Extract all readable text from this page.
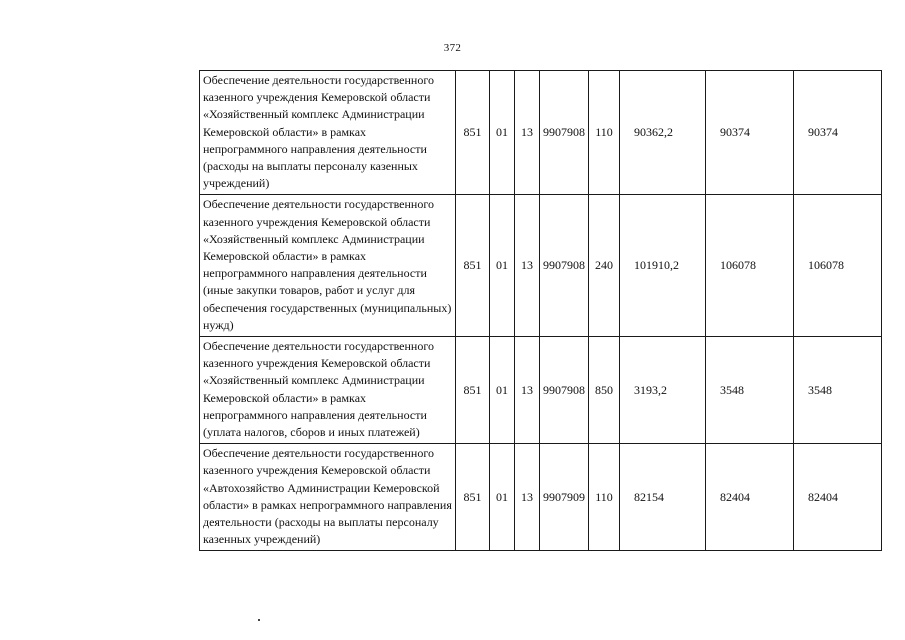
372
Обеспечение деятельности государственного казенного учреждения Кемеровской области «Хозяйственный комплекс Администрации Кемеровской области» в рамках непрограммного направления деятельности (расходы на выплаты персоналу казенных учреждений)	851	01	13	9907908	110	90362,2	90374	90374
Обеспечение деятельности государственного казенного учреждения Кемеровской области «Хозяйственный комплекс Администрации Кемеровской области» в рамках непрограммного направления деятельности (иные закупки товаров, работ и услуг для обеспечения государственных (муниципальных) нужд)	851	01	13	9907908	240	101910,2	106078	106078
Обеспечение деятельности государственного казенного учреждения Кемеровской области «Хозяйственный комплекс Администрации Кемеровской области» в рамках непрограммного направления деятельности (уплата налогов, сборов и иных платежей)	851	01	13	9907908	850	3193,2	3548	3548
Обеспечение деятельности государственного казенного учреждения Кемеровской области «Автохозяйство Администрации Кемеровской области» в рамках непрограммного направления деятельности (расходы на выплаты персоналу казенных учреждений)	851	01	13	9907909	110	82154	82404	82404
